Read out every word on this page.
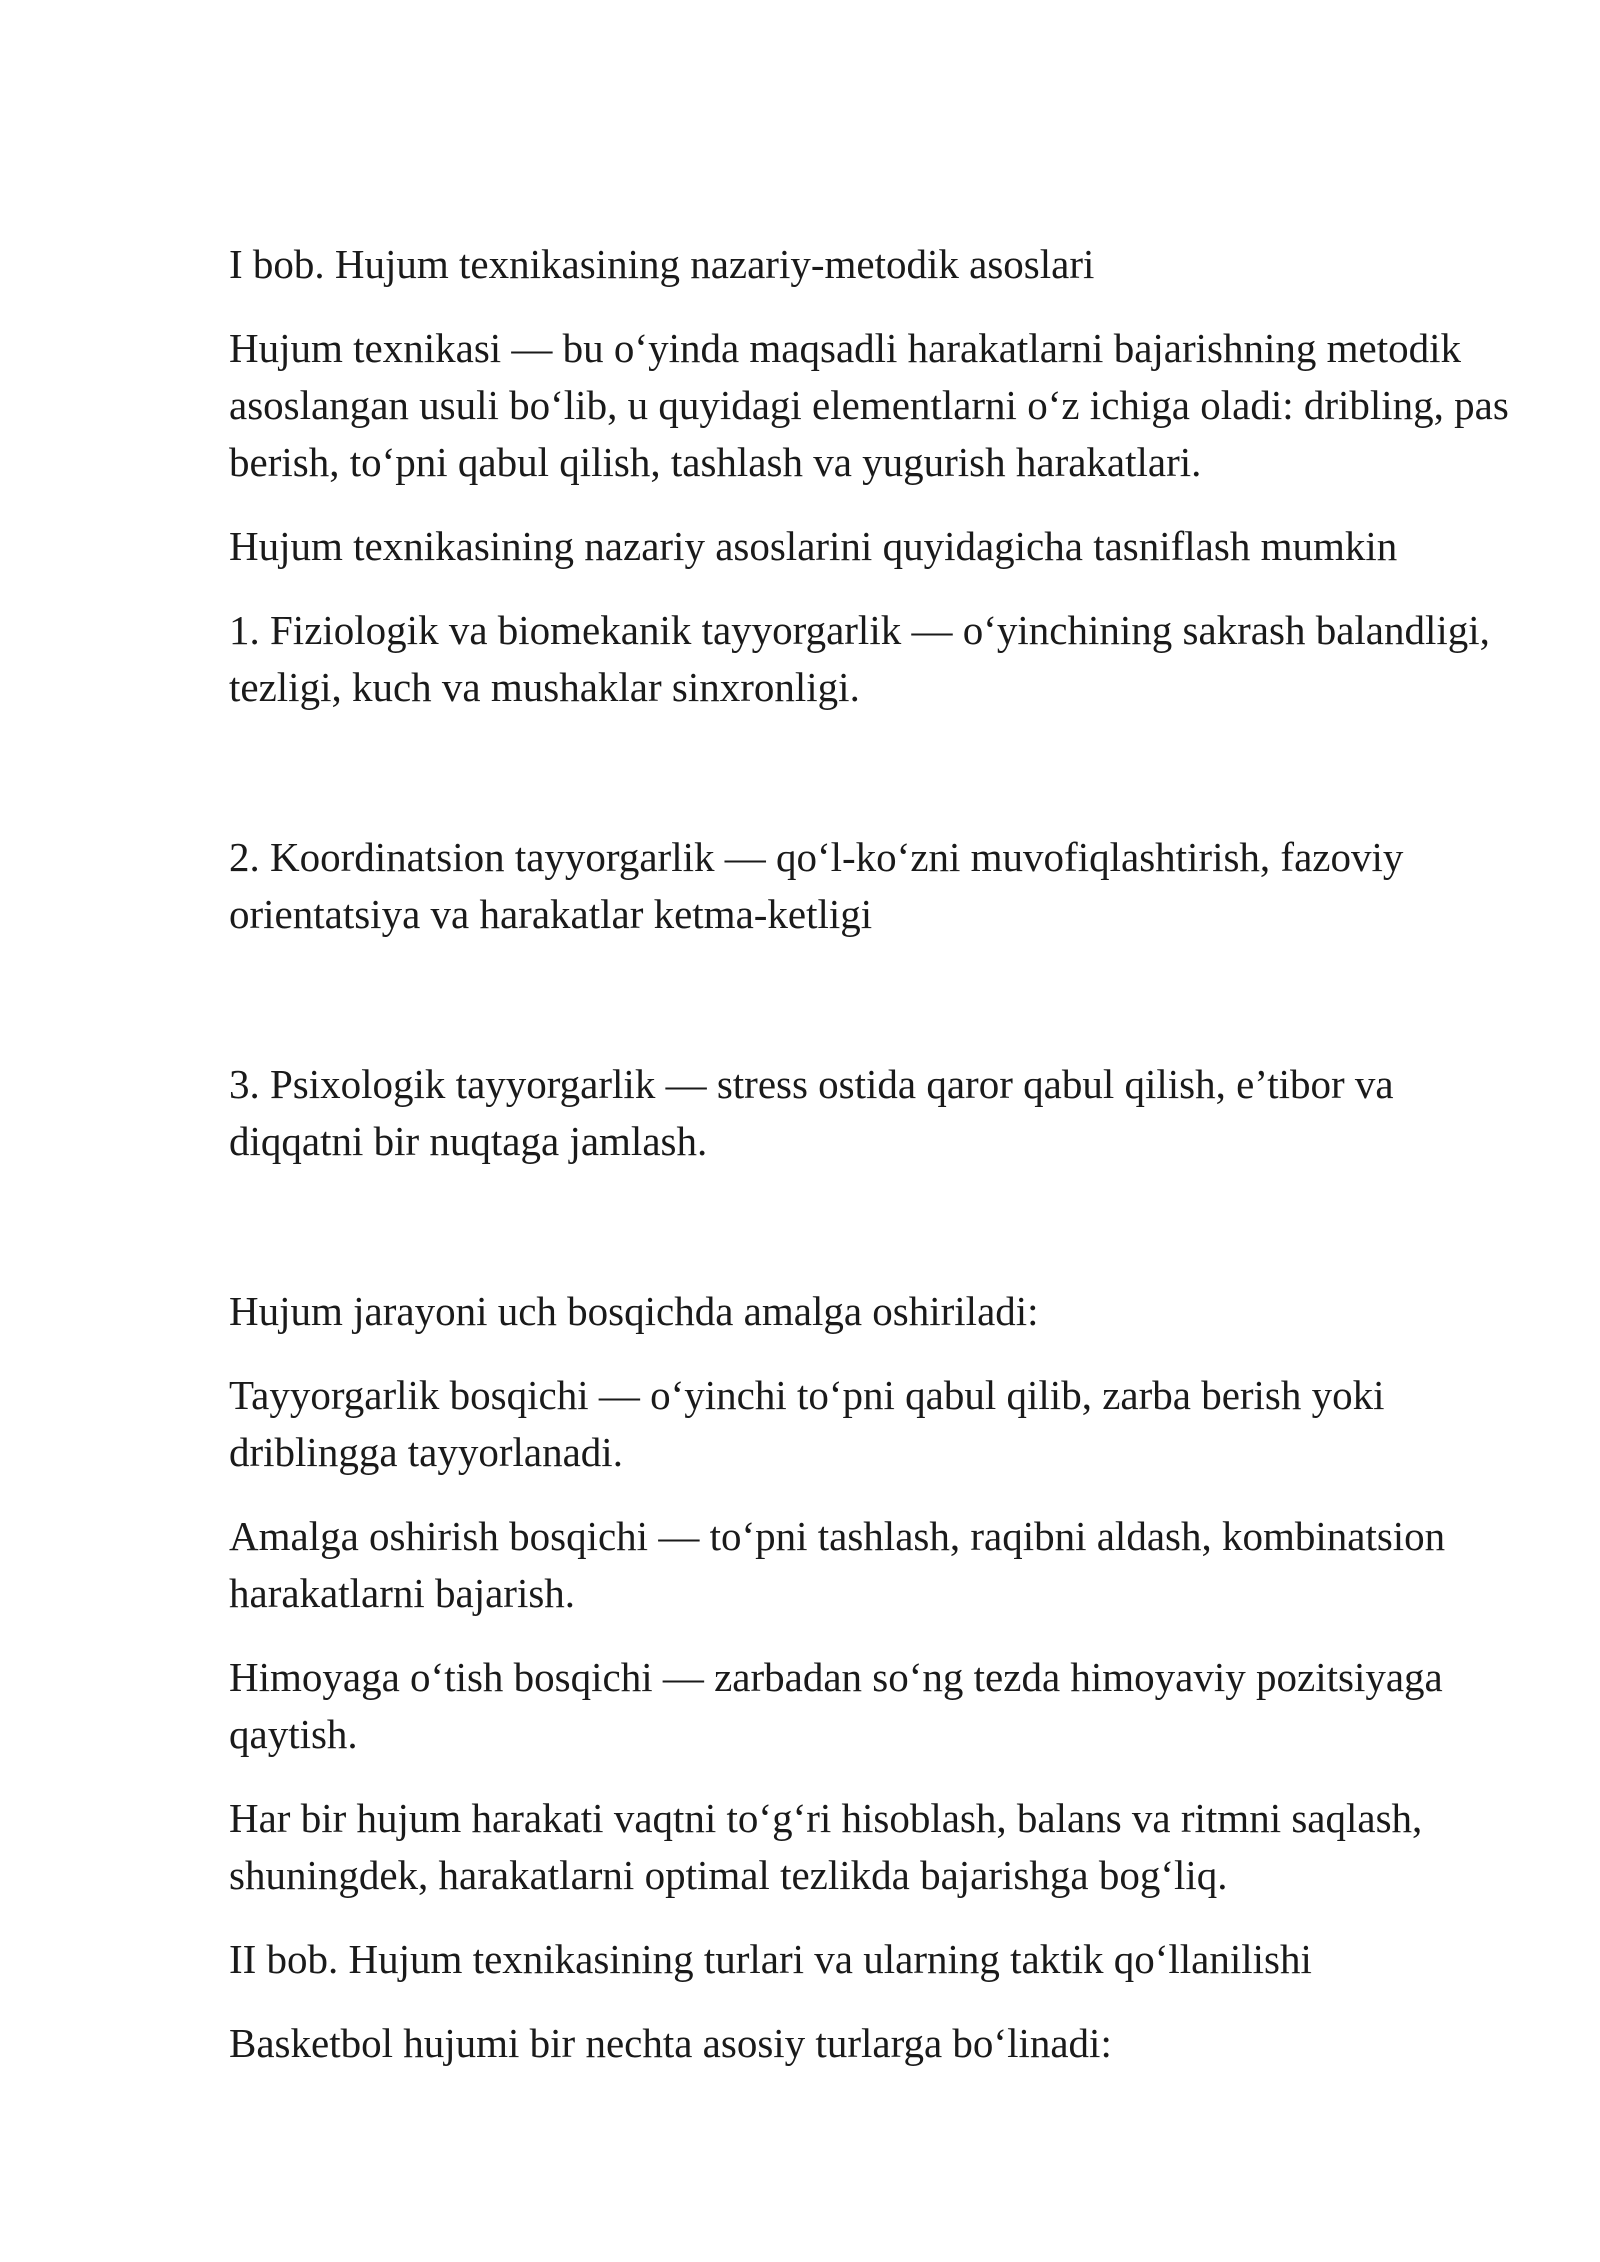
I bob. Hujum texnikasining nazariy-metodik asoslari

Hujum texnikasi — bu o‘yinda maqsadli harakatlarni bajarishning metodik asoslangan usuli bo‘lib, u quyidagi elementlarni o‘z ichiga oladi: dribling, pas berish, to‘pni qabul qilish, tashlash va yugurish harakatlari.

Hujum texnikasining nazariy asoslarini quyidagicha tasniflash mumkin

1. Fiziologik va biomekanik tayyorgarlik — o‘yinchining sakrash balandligi, tezligi, kuch va mushaklar sinxronligi.

2. Koordinatsion tayyorgarlik — qo‘l-ko‘zni muvofiqlashtirish, fazoviy orientatsiya va harakatlar ketma-ketligi

3. Psixologik tayyorgarlik — stress ostida qaror qabul qilish, e’tibor va diqqatni bir nuqtaga jamlash.

Hujum jarayoni uch bosqichda amalga oshiriladi:

Tayyorgarlik bosqichi — o‘yinchi to‘pni qabul qilib, zarba berish yoki driblingga tayyorlanadi.

Amalga oshirish bosqichi — to‘pni tashlash, raqibni aldash, kombinatsion harakatlarni bajarish.

Himoyaga o‘tish bosqichi — zarbadan so‘ng tezda himoyaviy pozitsiyaga qaytish.

Har bir hujum harakati vaqtni to‘g‘ri hisoblash, balans va ritmni saqlash, shuningdek, harakatlarni optimal tezlikda bajarishga bog‘liq.

II bob. Hujum texnikasining turlari va ularning taktik qo‘llanilishi

Basketbol hujumi bir nechta asosiy turlarga bo‘linadi:
